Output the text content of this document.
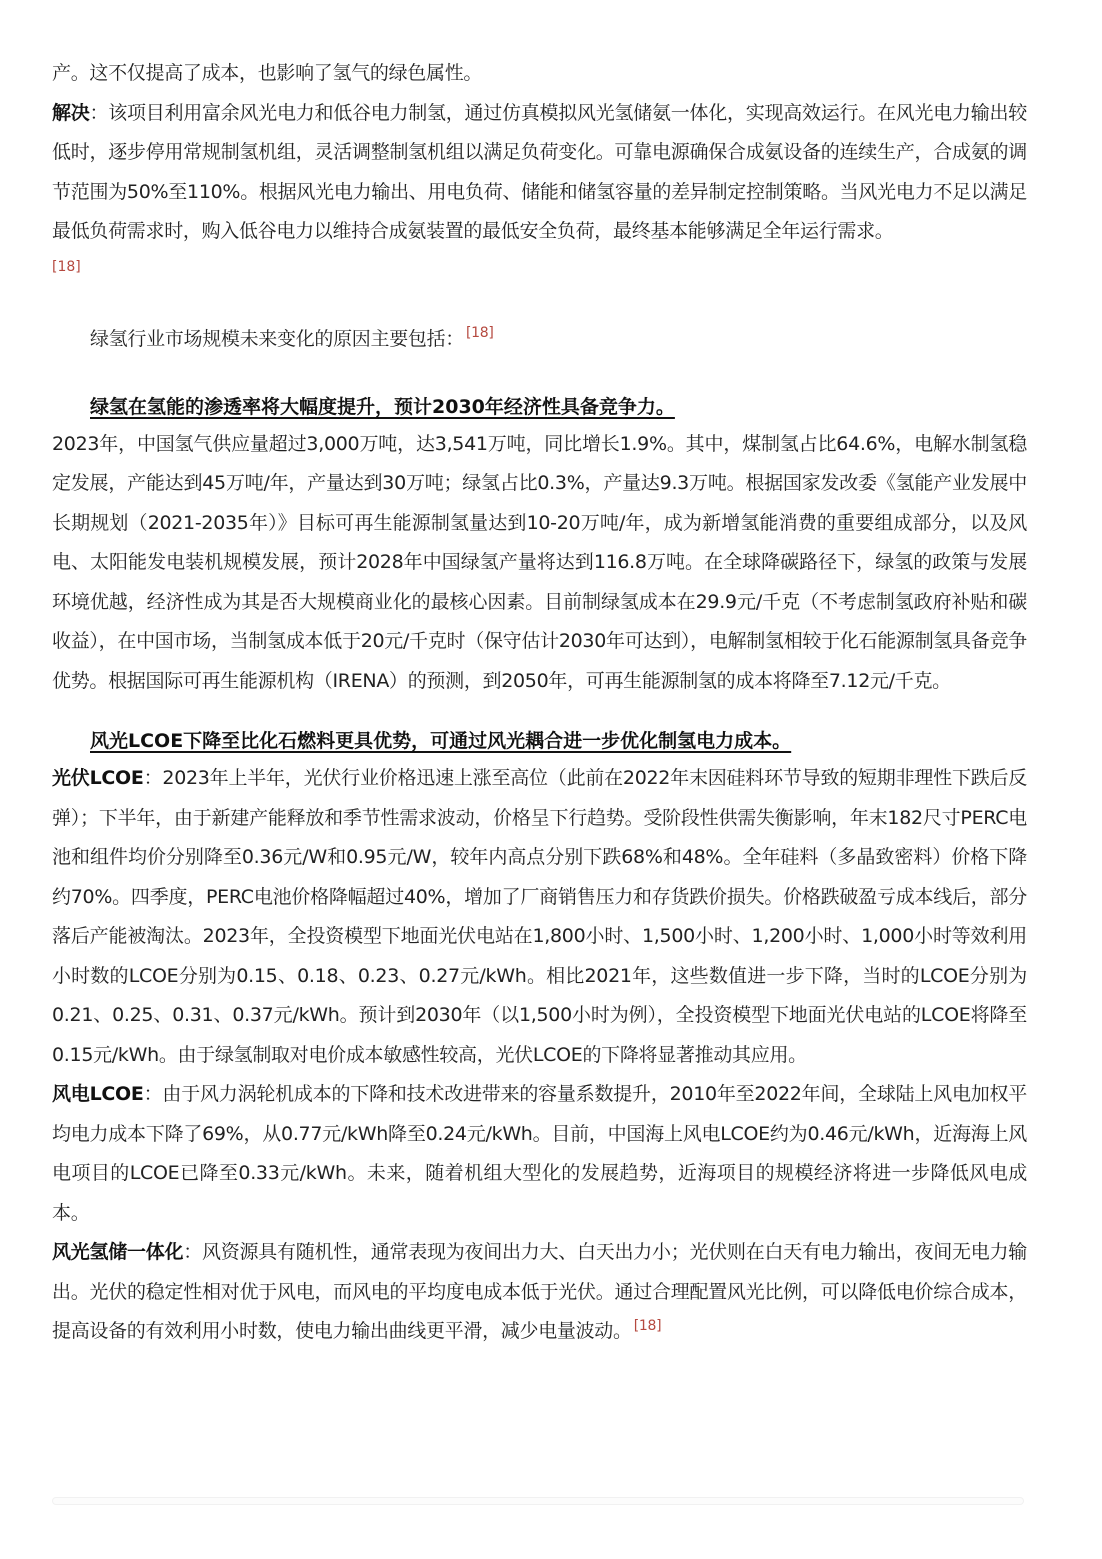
产。这不仅提高了成本，也影响了氢气的绿色属性。

解决：该项目利用富余风光电力和低谷电力制氢，通过仿真模拟风光氢储氨一体化，实现高效运行。在风光电力输出较低时，逐步停用常规制氢机组，灵活调整制氢机组以满足负荷变化。可靠电源确保合成氨设备的连续生产，合成氨的调节范围为50%至110%。根据风光电力输出、用电负荷、储能和储氢容量的差异制定控制策略。当风光电力不足以满足最低负荷需求时，购入低谷电力以维持合成氨装置的最低安全负荷，最终基本能够满足全年运行需求。

[18]

绿氢行业市场规模未来变化的原因主要包括： [18]

绿氢在氢能的渗透率将大幅度提升，预计2030年经济性具备竞争力。

2023年，中国氢气供应量超过3,000万吨，达3,541万吨，同比增长1.9%。其中，煤制氢占比64.6%，电解水制氢稳定发展，产能达到45万吨/年，产量达到30万吨；绿氢占比0.3%，产量达9.3万吨。根据国家发改委《氢能产业发展中长期规划（2021-2035年）》目标可再生能源制氢量达到10-20万吨/年，成为新增氢能消费的重要组成部分，以及风电、太阳能发电装机规模发展，预计2028年中国绿氢产量将达到116.8万吨。在全球降碳路径下，绿氢的政策与发展环境优越，经济性成为其是否大规模商业化的最核心因素。目前制绿氢成本在29.9元/千克（不考虑制氢政府补贴和碳收益），在中国市场，当制氢成本低于20元/千克时（保守估计2030年可达到），电解制氢相较于化石能源制氢具备竞争优势。根据国际可再生能源机构（IRENA）的预测，到2050年，可再生能源制氢的成本将降至7.12元/千克。

风光LCOE下降至比化石燃料更具优势，可通过风光耦合进一步优化制氢电力成本。

光伏LCOE：2023年上半年，光伏行业价格迅速上涨至高位（此前在2022年末因硅料环节导致的短期非理性下跌后反弹）；下半年，由于新建产能释放和季节性需求波动，价格呈下行趋势。受阶段性供需失衡影响，年末182尺寸PERC电池和组件均价分别降至0.36元/W和0.95元/W，较年内高点分别下跌68%和48%。全年硅料（多晶致密料）价格下降约70%。四季度，PERC电池价格降幅超过40%，增加了厂商销售压力和存货跌价损失。价格跌破盈亏成本线后，部分落后产能被淘汰。2023年，全投资模型下地面光伏电站在1,800小时、1,500小时、1,200小时、1,000小时等效利用小时数的LCOE分别为0.15、0.18、0.23、0.27元/kWh。相比2021年，这些数值进一步下降，当时的LCOE分别为0.21、0.25、0.31、0.37元/kWh。预计到2030年（以1,500小时为例），全投资模型下地面光伏电站的LCOE将降至0.15元/kWh。由于绿氢制取对电价成本敏感性较高，光伏LCOE的下降将显著推动其应用。

风电LCOE：由于风力涡轮机成本的下降和技术改进带来的容量系数提升，2010年至2022年间，全球陆上风电加权平均电力成本下降了69%，从0.77元/kWh降至0.24元/kWh。目前，中国海上风电LCOE约为0.46元/kWh，近海海上风电项目的LCOE已降至0.33元/kWh。未来，随着机组大型化的发展趋势，近海项目的规模经济将进一步降低风电成本。

风光氢储一体化：风资源具有随机性，通常表现为夜间出力大、白天出力小；光伏则在白天有电力输出，夜间无电力输出。光伏的稳定性相对优于风电，而风电的平均度电成本低于光伏。通过合理配置风光比例，可以降低电价综合成本，提高设备的有效利用小时数，使电力输出曲线更平滑，减少电量波动。 [18]
